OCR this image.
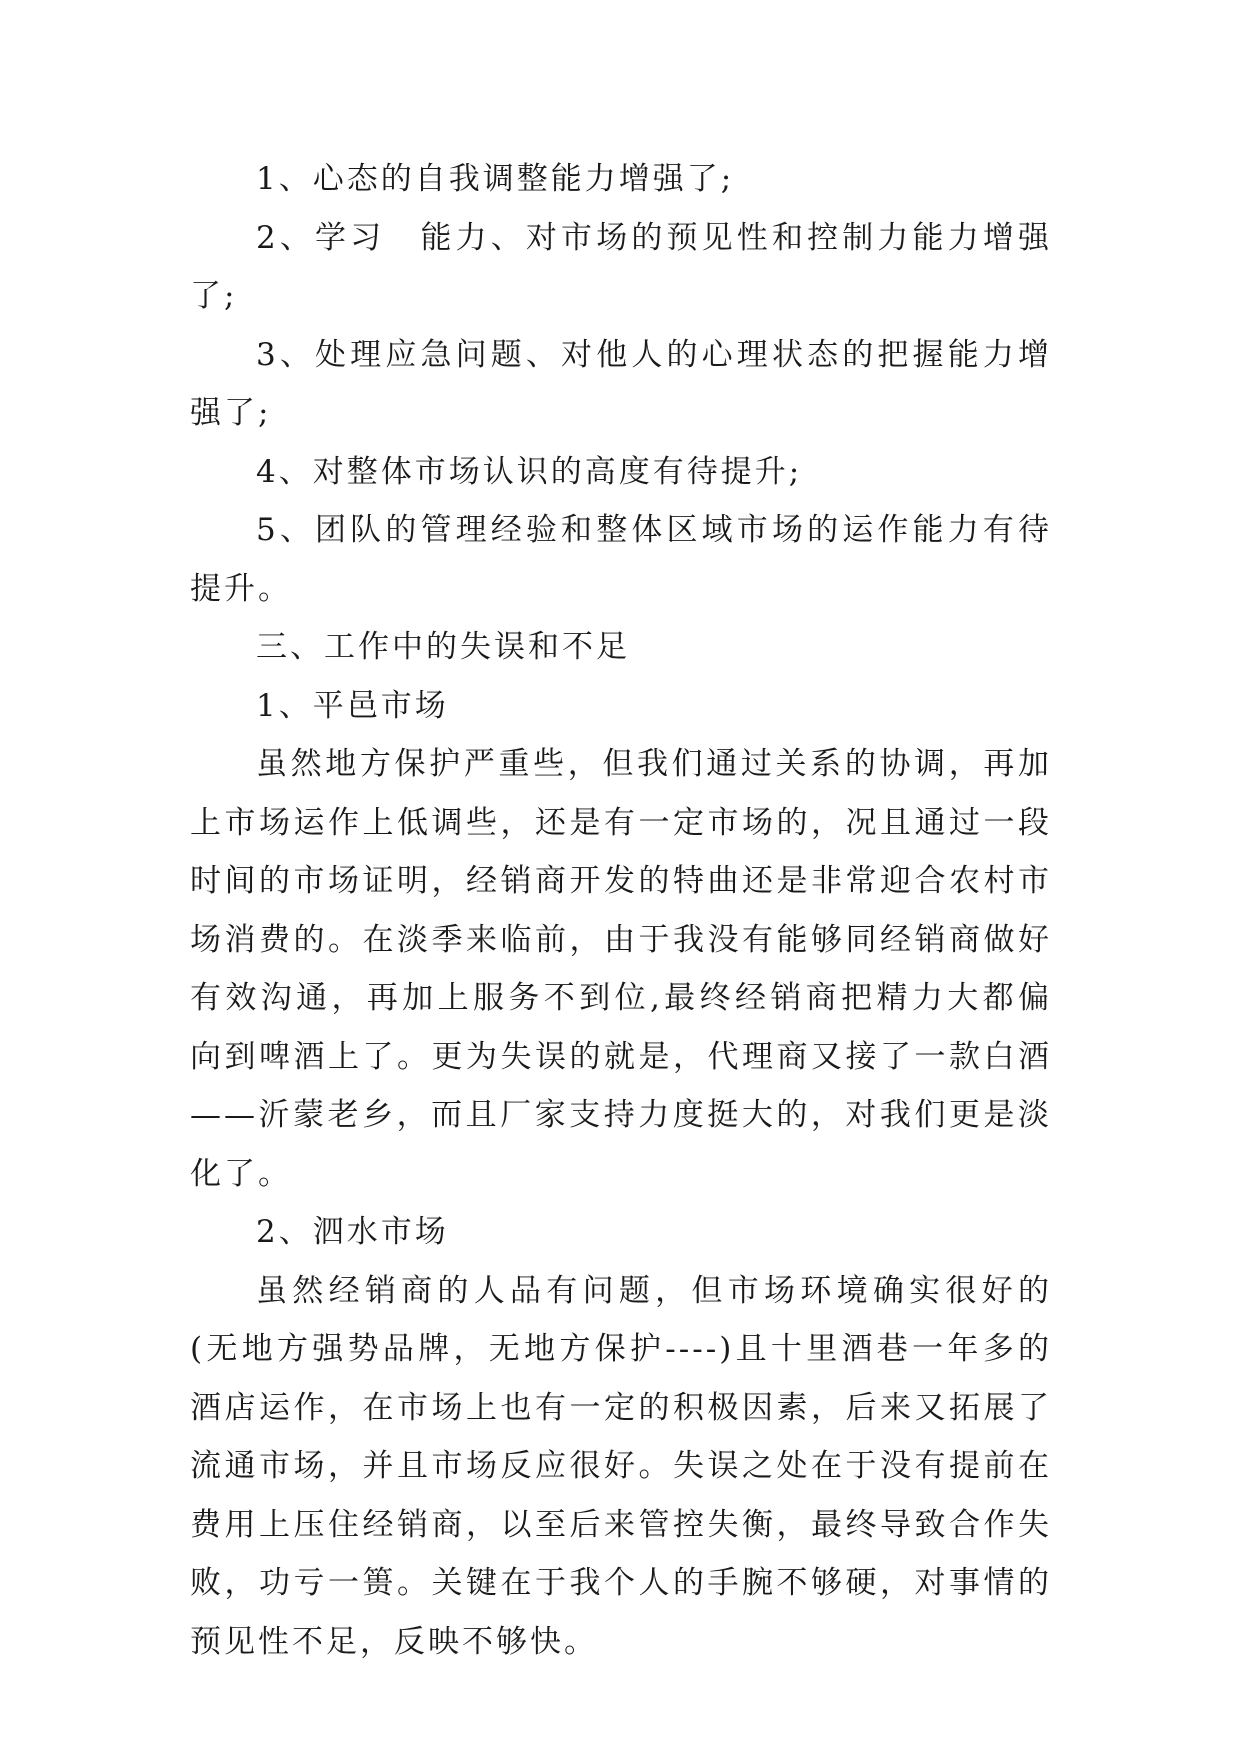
1、心态的自我调整能力增强了;

2、学习　能力、对市场的预见性和控制力能力增强了;

3、处理应急问题、对他人的心理状态的把握能力增强了;

4、对整体市场认识的高度有待提升;

5、团队的管理经验和整体区域市场的运作能力有待提升。

三、工作中的失误和不足

1、平邑市场

虽然地方保护严重些，但我们通过关系的协调，再加上市场运作上低调些，还是有一定市场的，况且通过一段时间的市场证明，经销商开发的特曲还是非常迎合农村市场消费的。在淡季来临前，由于我没有能够同经销商做好有效沟通，再加上服务不到位,最终经销商把精力大都偏向到啤酒上了。更为失误的就是，代理商又接了一款白酒——沂蒙老乡，而且厂家支持力度挺大的，对我们更是淡化了。

2、泗水市场

虽然经销商的人品有问题，但市场环境确实很好的(无地方强势品牌，无地方保护----)且十里酒巷一年多的酒店运作，在市场上也有一定的积极因素，后来又拓展了流通市场，并且市场反应很好。失误之处在于没有提前在费用上压住经销商，以至后来管控失衡，最终导致合作失败，功亏一篑。关键在于我个人的手腕不够硬，对事情的预见性不足，反映不够快。
